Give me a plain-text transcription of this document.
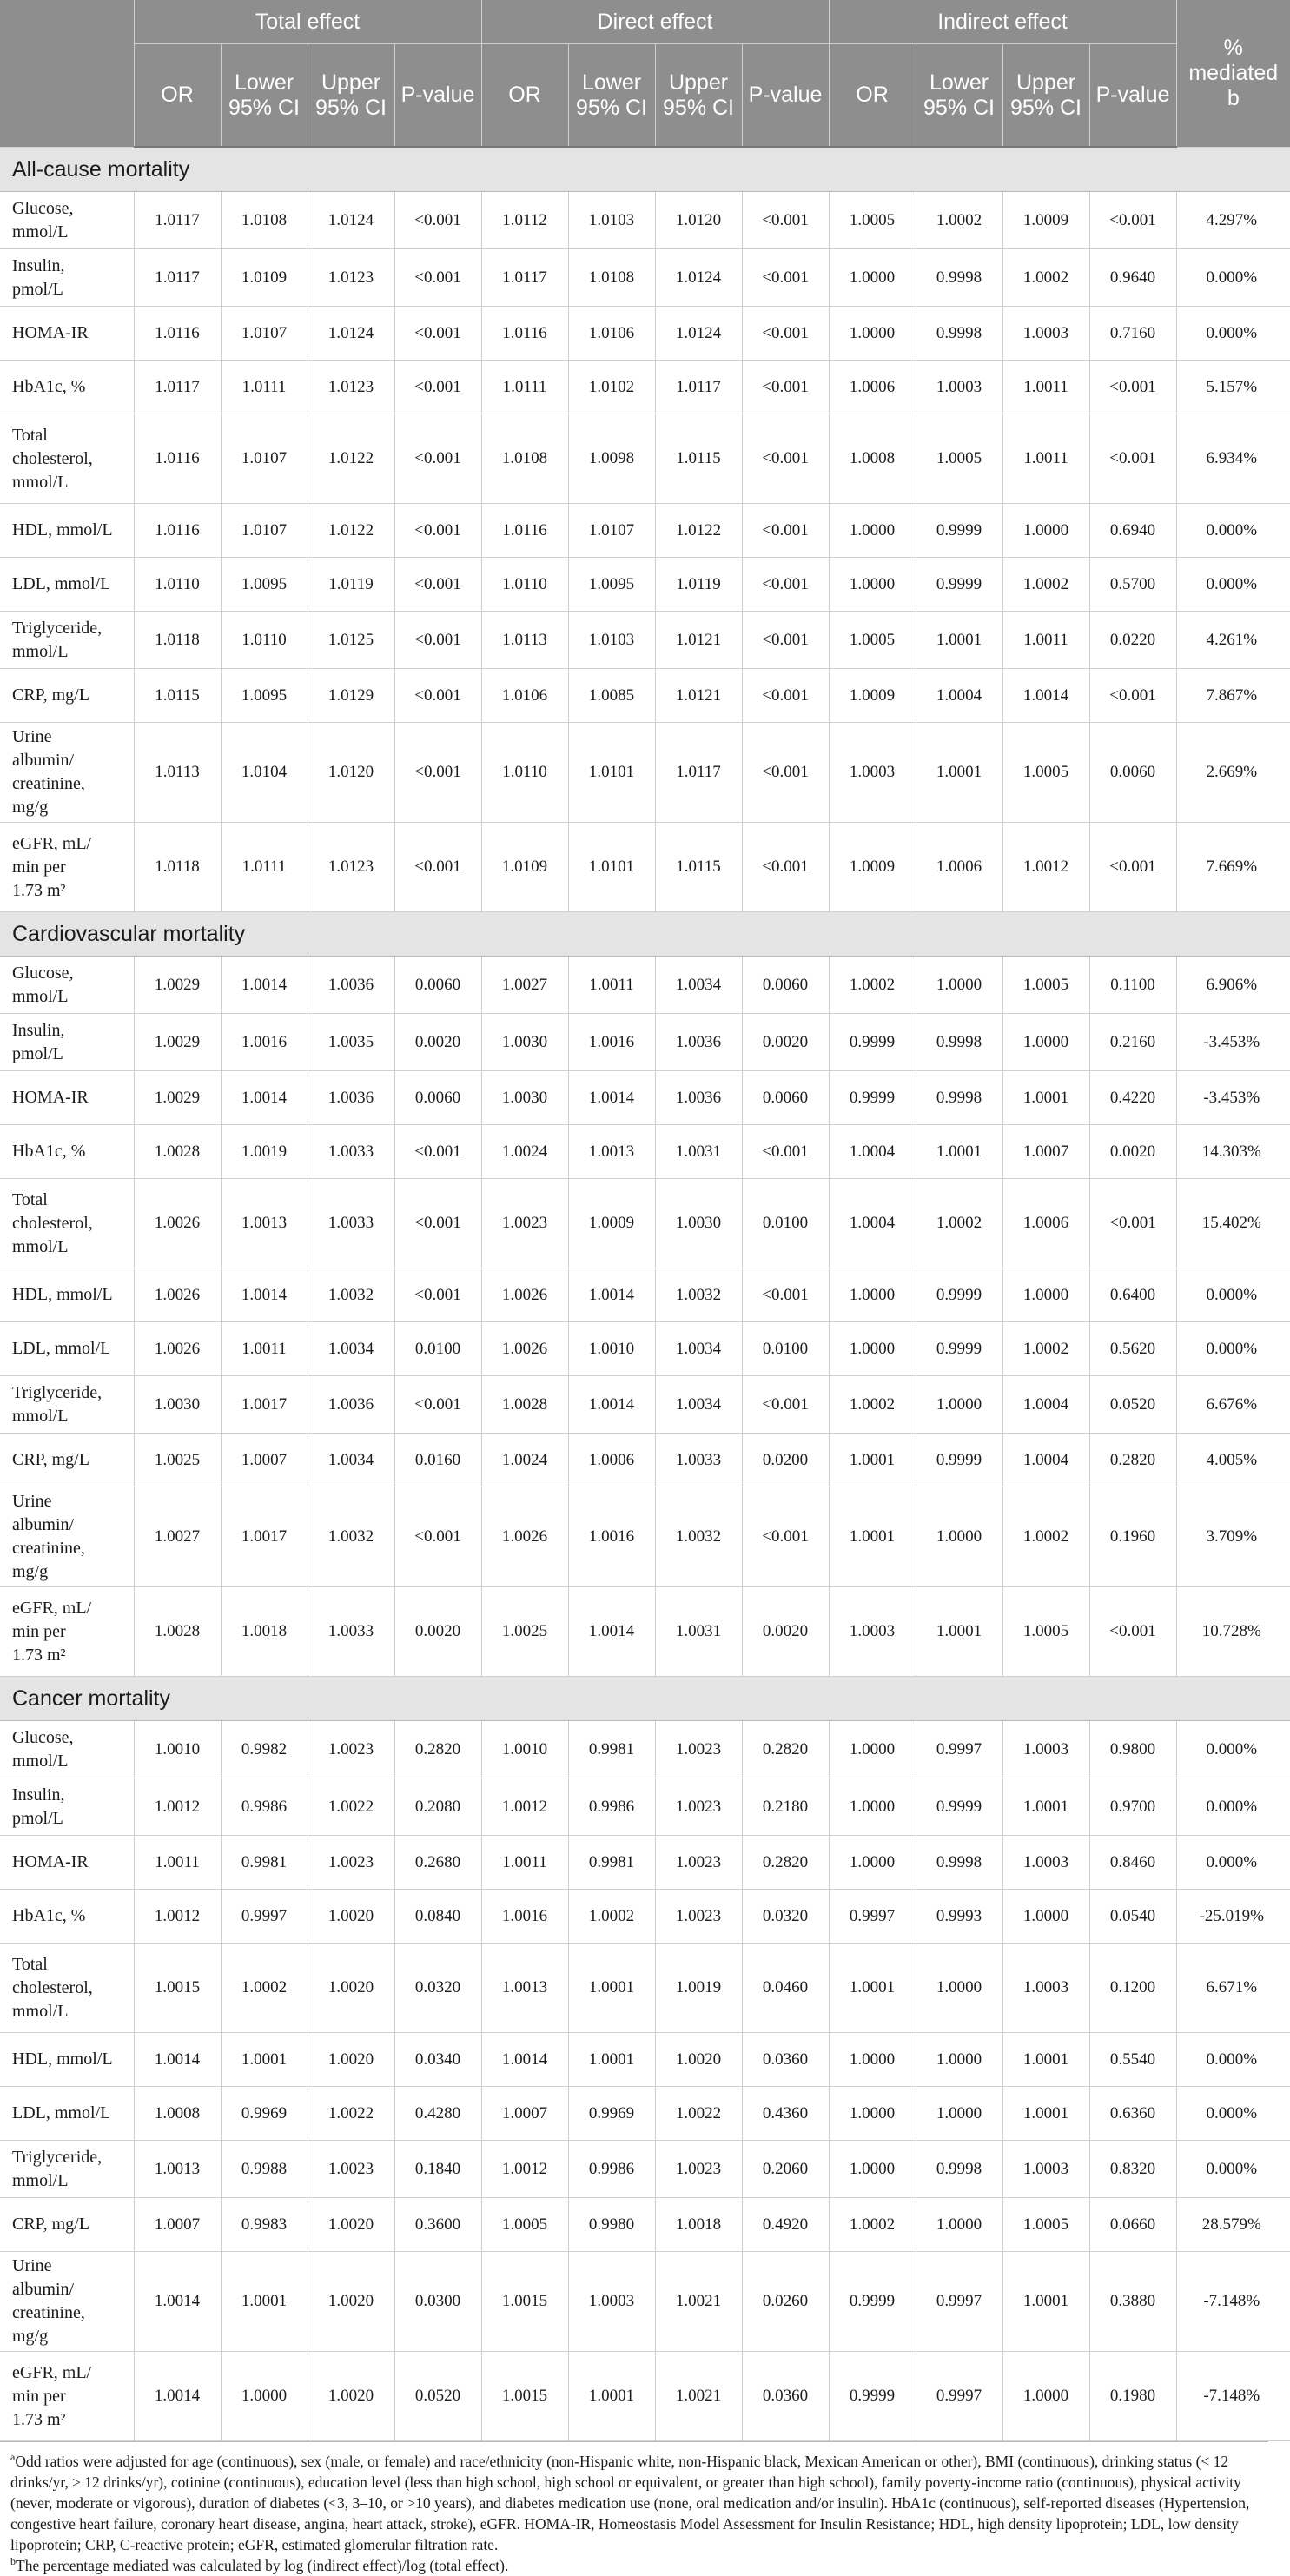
	Total effect				Direct effect				Indirect effect				%
mediated
b
	OR	Lower 95% CI	Upper 95% CI	P-value	OR	Lower 95% CI	Upper 95% CI	P-value	OR	Lower 95% CI	Upper 95% CI	P-value	
All-cause mortality													
Glucose,
mmol/L	1.0117	1.0108	1.0124	<0.001	1.0112	1.0103	1.0120	<0.001	1.0005	1.0002	1.0009	<0.001	4.297%
Insulin,
pmol/L	1.0117	1.0109	1.0123	<0.001	1.0117	1.0108	1.0124	<0.001	1.0000	0.9998	1.0002	0.9640	0.000%
HOMA-IR	1.0116	1.0107	1.0124	<0.001	1.0116	1.0106	1.0124	<0.001	1.0000	0.9998	1.0003	0.7160	0.000%
HbA1c, %	1.0117	1.0111	1.0123	<0.001	1.0111	1.0102	1.0117	<0.001	1.0006	1.0003	1.0011	<0.001	5.157%
Total
cholesterol,
mmol/L	1.0116	1.0107	1.0122	<0.001	1.0108	1.0098	1.0115	<0.001	1.0008	1.0005	1.0011	<0.001	6.934%
HDL, mmol/L	1.0116	1.0107	1.0122	<0.001	1.0116	1.0107	1.0122	<0.001	1.0000	0.9999	1.0000	0.6940	0.000%
LDL, mmol/L	1.0110	1.0095	1.0119	<0.001	1.0110	1.0095	1.0119	<0.001	1.0000	0.9999	1.0002	0.5700	0.000%
Triglyceride,
mmol/L	1.0118	1.0110	1.0125	<0.001	1.0113	1.0103	1.0121	<0.001	1.0005	1.0001	1.0011	0.0220	4.261%
CRP, mg/L	1.0115	1.0095	1.0129	<0.001	1.0106	1.0085	1.0121	<0.001	1.0009	1.0004	1.0014	<0.001	7.867%
Urine
albumin/
creatinine,
mg/g	1.0113	1.0104	1.0120	<0.001	1.0110	1.0101	1.0117	<0.001	1.0003	1.0001	1.0005	0.0060	2.669%
eGFR, mL/
min per
1.73 m²	1.0118	1.0111	1.0123	<0.001	1.0109	1.0101	1.0115	<0.001	1.0009	1.0006	1.0012	<0.001	7.669%
Cardiovascular mortality													
Glucose,
mmol/L	1.0029	1.0014	1.0036	0.0060	1.0027	1.0011	1.0034	0.0060	1.0002	1.0000	1.0005	0.1100	6.906%
Insulin,
pmol/L	1.0029	1.0016	1.0035	0.0020	1.0030	1.0016	1.0036	0.0020	0.9999	0.9998	1.0000	0.2160	-3.453%
HOMA-IR	1.0029	1.0014	1.0036	0.0060	1.0030	1.0014	1.0036	0.0060	0.9999	0.9998	1.0001	0.4220	-3.453%
HbA1c, %	1.0028	1.0019	1.0033	<0.001	1.0024	1.0013	1.0031	<0.001	1.0004	1.0001	1.0007	0.0020	14.303%
Total
cholesterol,
mmol/L	1.0026	1.0013	1.0033	<0.001	1.0023	1.0009	1.0030	0.0100	1.0004	1.0002	1.0006	<0.001	15.402%
HDL, mmol/L	1.0026	1.0014	1.0032	<0.001	1.0026	1.0014	1.0032	<0.001	1.0000	0.9999	1.0000	0.6400	0.000%
LDL, mmol/L	1.0026	1.0011	1.0034	0.0100	1.0026	1.0010	1.0034	0.0100	1.0000	0.9999	1.0002	0.5620	0.000%
Triglyceride,
mmol/L	1.0030	1.0017	1.0036	<0.001	1.0028	1.0014	1.0034	<0.001	1.0002	1.0000	1.0004	0.0520	6.676%
CRP, mg/L	1.0025	1.0007	1.0034	0.0160	1.0024	1.0006	1.0033	0.0200	1.0001	0.9999	1.0004	0.2820	4.005%
Urine
albumin/
creatinine,
mg/g	1.0027	1.0017	1.0032	<0.001	1.0026	1.0016	1.0032	<0.001	1.0001	1.0000	1.0002	0.1960	3.709%
eGFR, mL/
min per
1.73 m²	1.0028	1.0018	1.0033	0.0020	1.0025	1.0014	1.0031	0.0020	1.0003	1.0001	1.0005	<0.001	10.728%
Cancer mortality													
Glucose,
mmol/L	1.0010	0.9982	1.0023	0.2820	1.0010	0.9981	1.0023	0.2820	1.0000	0.9997	1.0003	0.9800	0.000%
Insulin,
pmol/L	1.0012	0.9986	1.0022	0.2080	1.0012	0.9986	1.0023	0.2180	1.0000	0.9999	1.0001	0.9700	0.000%
HOMA-IR	1.0011	0.9981	1.0023	0.2680	1.0011	0.9981	1.0023	0.2820	1.0000	0.9998	1.0003	0.8460	0.000%
HbA1c, %	1.0012	0.9997	1.0020	0.0840	1.0016	1.0002	1.0023	0.0320	0.9997	0.9993	1.0000	0.0540	-25.019%
Total
cholesterol,
mmol/L	1.0015	1.0002	1.0020	0.0320	1.0013	1.0001	1.0019	0.0460	1.0001	1.0000	1.0003	0.1200	6.671%
HDL, mmol/L	1.0014	1.0001	1.0020	0.0340	1.0014	1.0001	1.0020	0.0360	1.0000	1.0000	1.0001	0.5540	0.000%
LDL, mmol/L	1.0008	0.9969	1.0022	0.4280	1.0007	0.9969	1.0022	0.4360	1.0000	1.0000	1.0001	0.6360	0.000%
Triglyceride,
mmol/L	1.0013	0.9988	1.0023	0.1840	1.0012	0.9986	1.0023	0.2060	1.0000	0.9998	1.0003	0.8320	0.000%
CRP, mg/L	1.0007	0.9983	1.0020	0.3600	1.0005	0.9980	1.0018	0.4920	1.0002	1.0000	1.0005	0.0660	28.579%
Urine
albumin/
creatinine,
mg/g	1.0014	1.0001	1.0020	0.0300	1.0015	1.0003	1.0021	0.0260	0.9999	0.9997	1.0001	0.3880	-7.148%
eGFR, mL/
min per
1.73 m²	1.0014	1.0000	1.0020	0.0520	1.0015	1.0001	1.0021	0.0360	0.9999	0.9997	1.0000	0.1980	-7.148%

$^a$Odd ratios were adjusted for age (continuous), sex (male, or female) and race/ethnicity (non-Hispanic white, non-Hispanic black, Mexican American or other), BMI (continuous), drinking status (< 12 drinks/yr, ≥ 12 drinks/yr), cotinine (continuous), education level (less than high school, high school or equivalent, or greater than high school), family poverty-income ratio (continuous), physical activity (never, moderate or vigorous), duration of diabetes (<3, 3–10, or >10 years), and diabetes medication use (none, oral medication and/or insulin). HbA1c (continuous), self-reported diseases (Hypertension, congestive heart failure, coronary heart disease, angina, heart attack, stroke), eGFR. HOMA-IR, Homeostasis Model Assessment for Insulin Resistance; HDL, high density lipoprotein; LDL, low density lipoprotein; CRP, C-reactive protein; eGFR, estimated glomerular filtration rate.

$^b$The percentage mediated was calculated by log (indirect effect)/log (total effect).
